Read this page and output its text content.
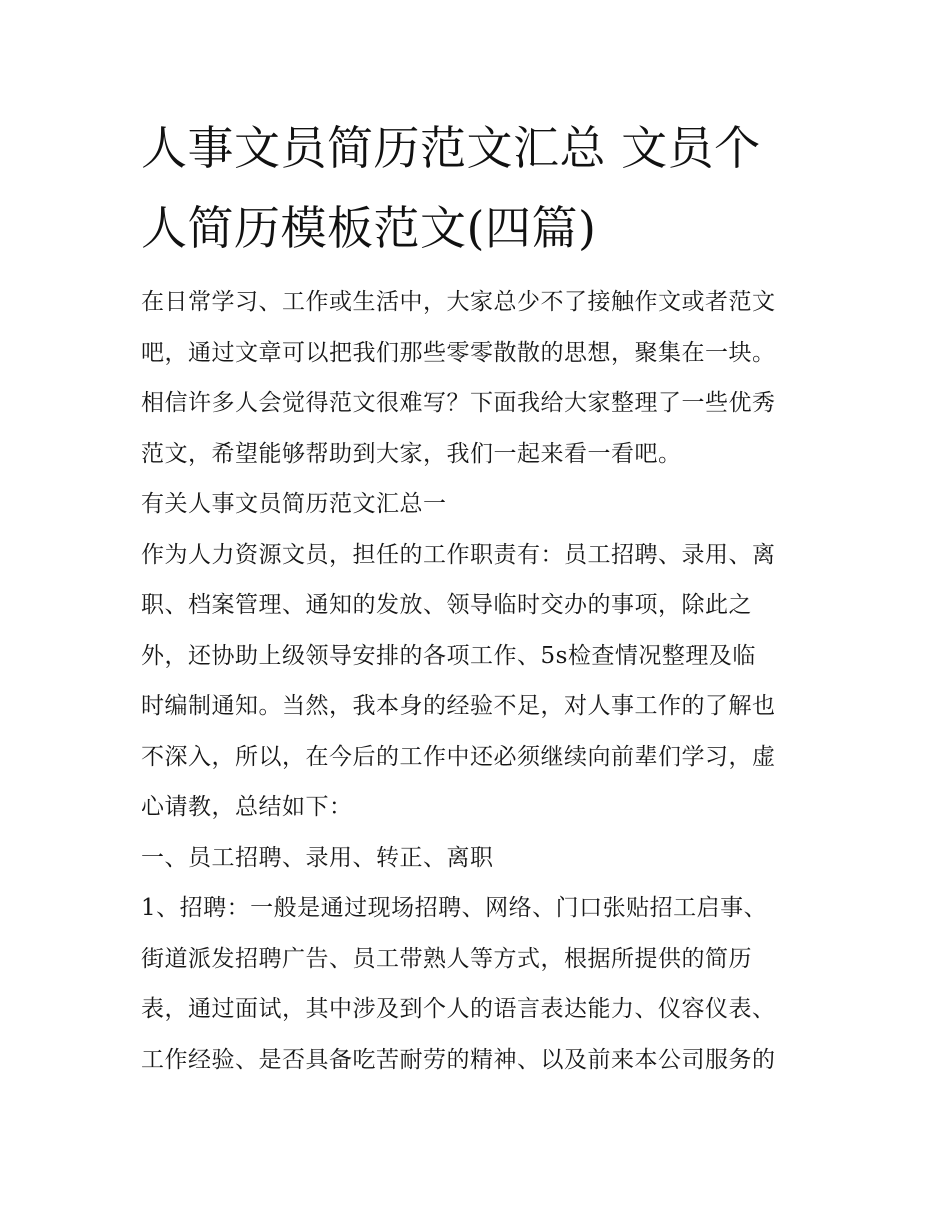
人事文员简历范文汇总 文员个
人简历模板范文(四篇)
在日常学习、工作或生活中，大家总少不了接触作文或者范文
吧，通过文章可以把我们那些零零散散的思想，聚集在一块。
相信许多人会觉得范文很难写？下面我给大家整理了一些优秀
范文，希望能够帮助到大家，我们一起来看一看吧。
有关人事文员简历范文汇总一
作为人力资源文员，担任的工作职责有：员工招聘、录用、离
职、档案管理、通知的发放、领导临时交办的事项，除此之
外，还协助上级领导安排的各项工作、5s检查情况整理及临
时编制通知。当然，我本身的经验不足，对人事工作的了解也
不深入，所以，在今后的工作中还必须继续向前辈们学习，虚
心请教，总结如下：
一、员工招聘、录用、转正、离职
1、招聘：一般是通过现场招聘、网络、门口张贴招工启事、
街道派发招聘广告、员工带熟人等方式，根据所提供的简历
表，通过面试，其中涉及到个人的语言表达能力、仪容仪表、
工作经验、是否具备吃苦耐劳的精神、以及前来本公司服务的
